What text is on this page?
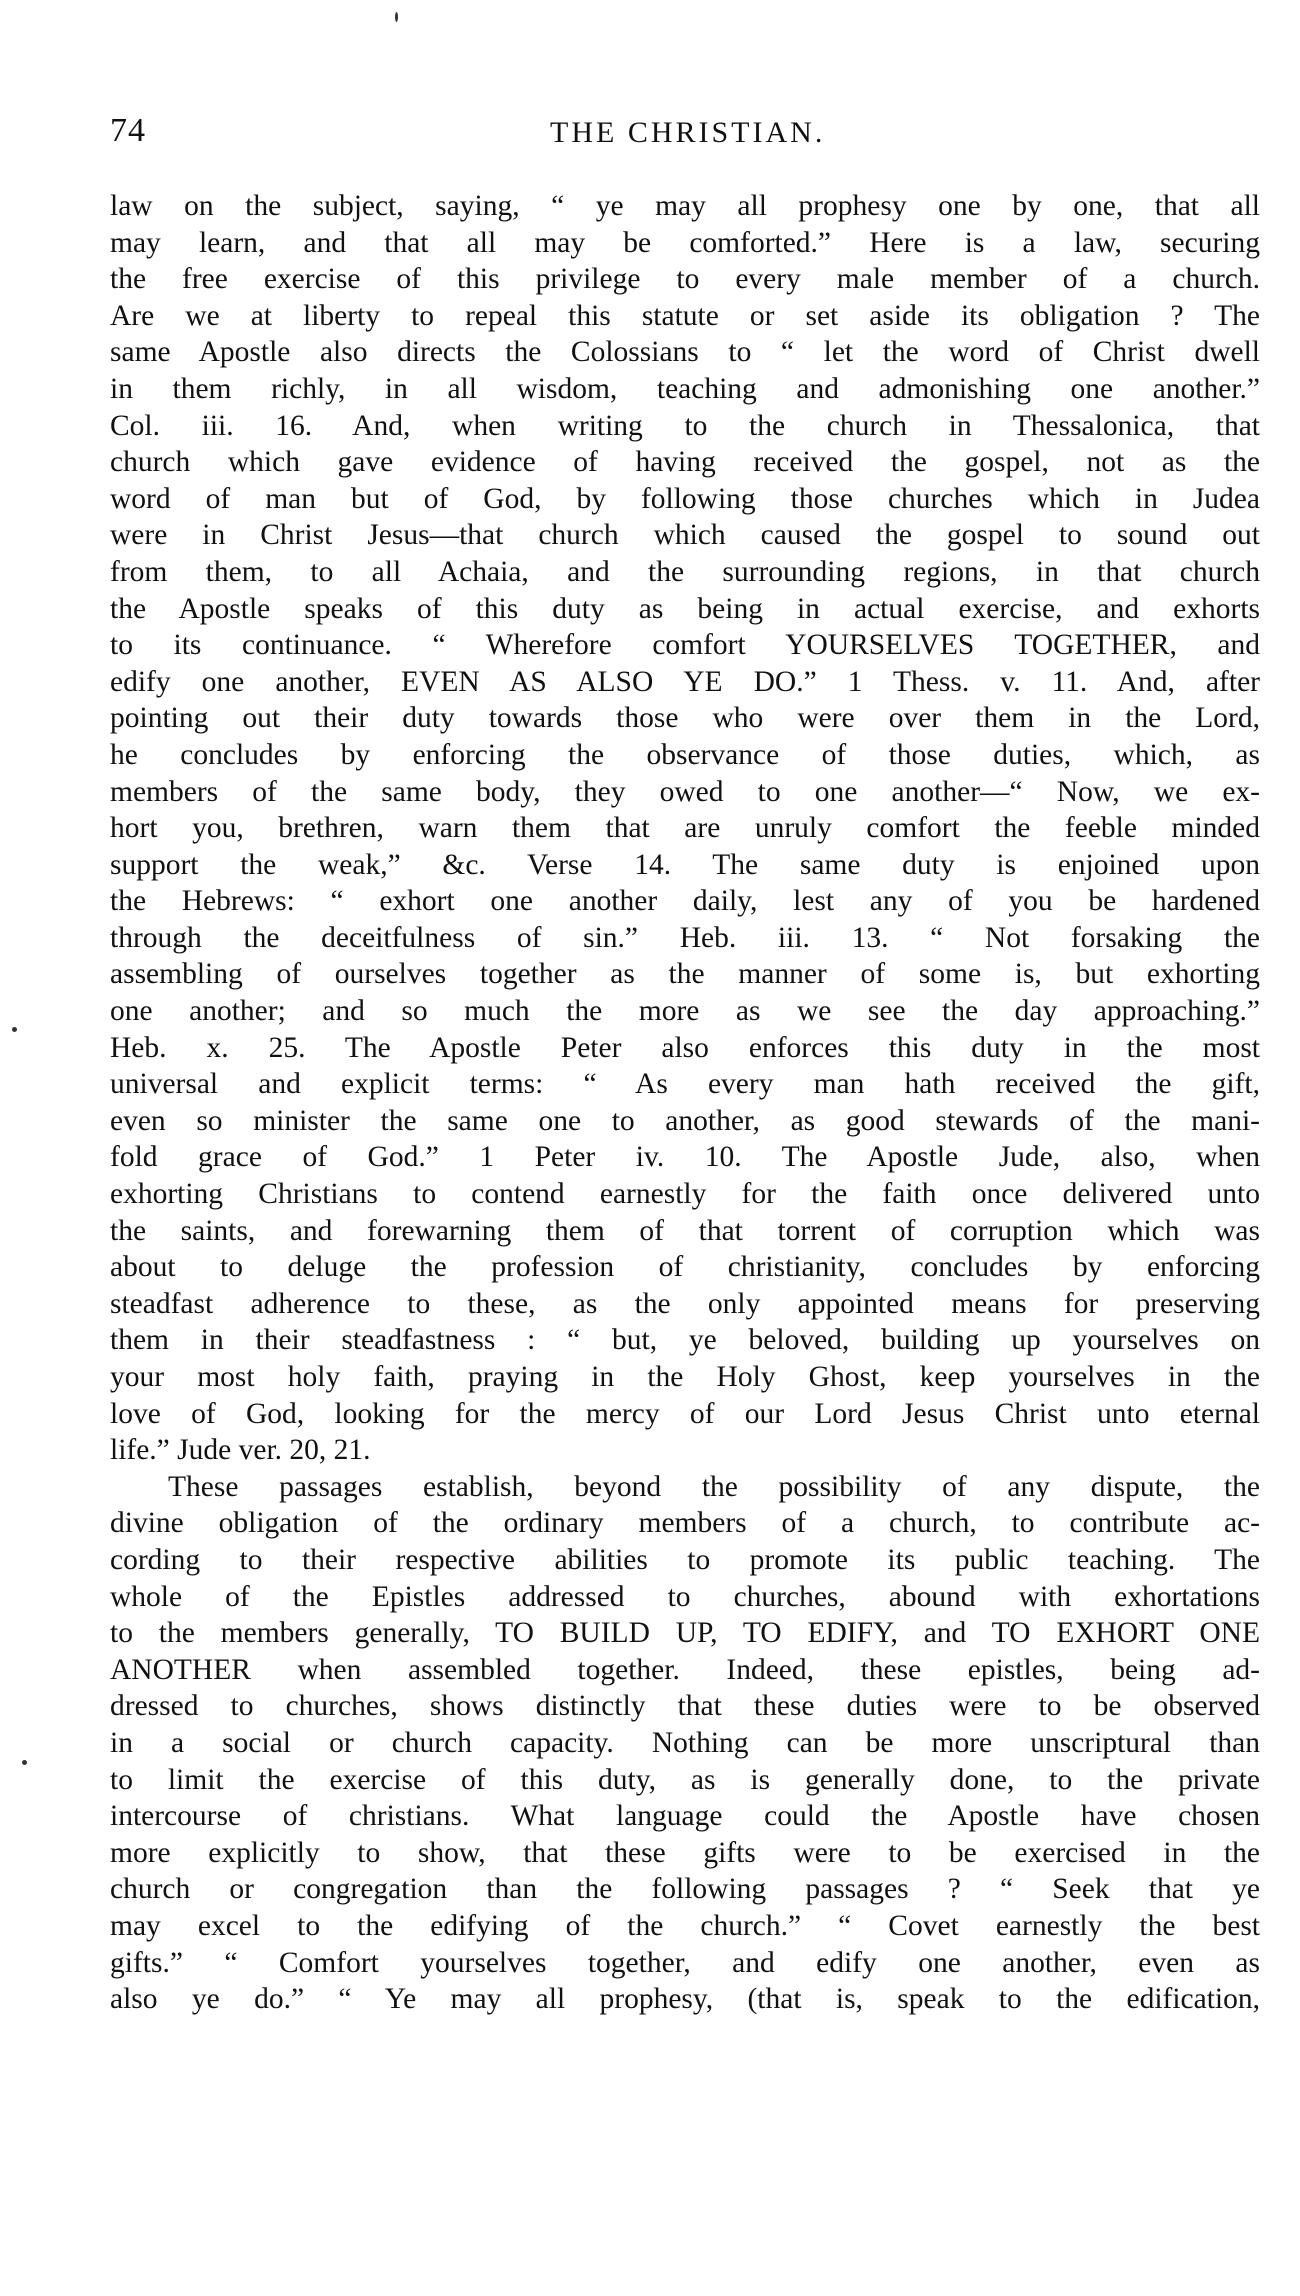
74	THE CHRISTIAN.
law on the subject, saying, “ ye may all prophesy one by one, that all
may learn, and that all may be comforted.” Here is a law, securing
the free exercise of this privilege to every male member of a church.
Are we at liberty to repeal this statute or set aside its obligation ? The
same Apostle also directs the Colossians to “ let the word of Christ dwell
in them richly, in all wisdom, teaching and admonishing one another.”
Col. iii. 16. And, when writing to the church in Thessalonica, that
church which gave evidence of having received the gospel, not as the
word of man but of God, by following those churches which in Judea
were in Christ Jesus—that church which caused the gospel to sound out
from them, to all Achaia, and the surrounding regions, in that church
the Apostle speaks of this duty as being in actual exercise, and exhorts
to its continuance. “ Wherefore comfort YOURSELVES TOGETHER, and
edify one another, EVEN AS ALSO YE DO.” 1 Thess. v. 11. And, after
pointing out their duty towards those who were over them in the Lord,
he concludes by enforcing the observance of those duties, which, as
members of the same body, they owed to one another—“ Now, we ex-
hort you, brethren, warn them that are unruly comfort the feeble minded
support the weak,” &c. Verse 14. The same duty is enjoined upon
the Hebrews: “ exhort one another daily, lest any of you be hardened
through the deceitfulness of sin.” Heb. iii. 13. “ Not forsaking the
assembling of ourselves together as the manner of some is, but exhorting
one another; and so much the more as we see the day approaching.”
Heb. x. 25. The Apostle Peter also enforces this duty in the most
universal and explicit terms: “ As every man hath received the gift,
even so minister the same one to another, as good stewards of the mani-
fold grace of God.” 1 Peter iv. 10. The Apostle Jude, also, when
exhorting Christians to contend earnestly for the faith once delivered unto
the saints, and forewarning them of that torrent of corruption which was
about to deluge the profession of christianity, concludes by enforcing
steadfast adherence to these, as the only appointed means for preserving
them in their steadfastness : “ but, ye beloved, building up yourselves on
your most holy faith, praying in the Holy Ghost, keep yourselves in the
love of God, looking for the mercy of our Lord Jesus Christ unto eternal
life.” Jude ver. 20, 21.
These passages establish, beyond the possibility of any dispute, the
divine obligation of the ordinary members of a church, to contribute ac-
cording to their respective abilities to promote its public teaching. The
whole of the Epistles addressed to churches, abound with exhortations
to the members generally, TO BUILD UP, TO EDIFY, and TO EXHORT ONE
ANOTHER when assembled together. Indeed, these epistles, being ad-
dressed to churches, shows distinctly that these duties were to be observed
in a social or church capacity. Nothing can be more unscriptural than
to limit the exercise of this duty, as is generally done, to the private
intercourse of christians. What language could the Apostle have chosen
more explicitly to show, that these gifts were to be exercised in the
church or congregation than the following passages ? “ Seek that ye
may excel to the edifying of the church.” “ Covet earnestly the best
gifts.” “ Comfort yourselves together, and edify one another, even as
also ye do.” “ Ye may all prophesy, (that is, speak to the edification,
